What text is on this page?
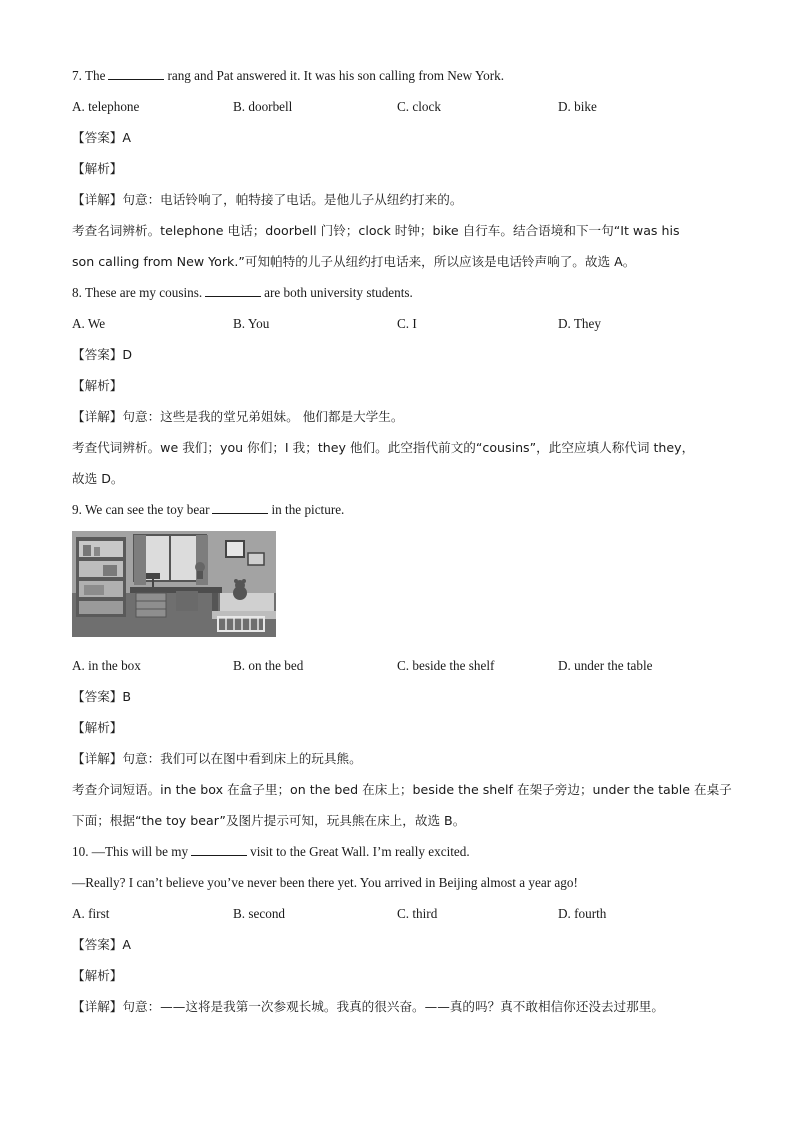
7. The	rang and Pat answered it. It was his son calling from New York.
A. telephone	B. doorbell	C. clock	D. bike
【答案】A
【解析】
【详解】句意：电话铃响了，帕特接了电话。是他儿子从纽约打来的。
考查名词辨析。telephone 电话；doorbell 门铃；clock 时钟；bike 自行车。结合语境和下一句“It was his
son calling from New York.”可知帕特的儿子从纽约打电话来，所以应该是电话铃声响了。故选 A。
8. These are my cousins.	are both university students.
A. We	B. You	C. I	D. They
【答案】D
【解析】
【详解】句意：这些是我的堂兄弟姐妹。 他们都是大学生。
考查代词辨析。we 我们；you 你们；I 我；they 他们。此空指代前文的“cousins”，此空应填人称代词 they，
故选 D。
9. We can see the toy bear	in the picture.
A. in the box	B. on the bed	C. beside the shelf	D. under the table
【答案】B
【解析】
【详解】句意：我们可以在图中看到床上的玩具熊。
考查介词短语。in the box 在盒子里；on the bed 在床上；beside the shelf 在架子旁边；under the table 在桌子
下面；根据“the toy bear”及图片提示可知，玩具熊在床上，故选 B。
10. —This will be my	visit to the Great Wall. I’m really excited.
—Really? I can’t believe you’ve never been there yet. You arrived in Beijing almost a year ago!
A. first	B. second	C. third	D. fourth
【答案】A
【解析】
【详解】句意：——这将是我第一次参观长城。我真的很兴奋。——真的吗？真不敢相信你还没去过那里。
